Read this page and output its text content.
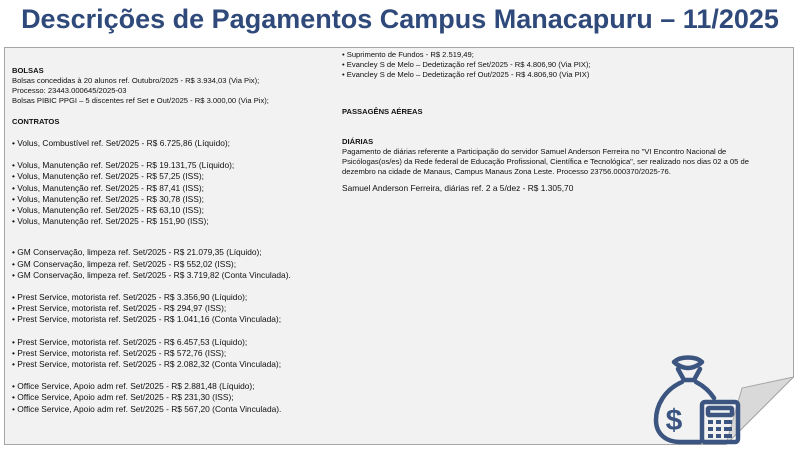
Descrições de Pagamentos Campus Manacapuru – 11/2025
BOLSAS
Bolsas concedidas à 20 alunos ref. Outubro/2025 - R$ 3.934,03 (Via Pix);
Processo: 23443.000645/2025-03
Bolsas PIBIC PPGI – 5 discentes ref Set e Out/2025 - R$ 3.000,00 (Via Pix);
CONTRATOS
• Volus, Combustível ref. Set/2025 - R$ 6.725,86 (Líquido);
• Volus, Manutenção ref. Set/2025 - R$ 19.131,75 (Líquido);
• Volus, Manutenção ref. Set/2025 - R$ 57,25 (ISS);
• Volus, Manutenção ref. Set/2025 - R$ 87,41 (ISS);
• Volus, Manutenção ref. Set/2025 - R$ 30,78 (ISS);
• Volus, Manutenção ref. Set/2025 - R$ 63,10 (ISS);
• Volus, Manutenção ref. Set/2025 - R$ 151,90 (ISS);
• GM Conservação, limpeza ref. Set/2025 - R$ 21.079,35 (Líquido);
• GM Conservação, limpeza ref. Set/2025 - R$ 552,02 (ISS);
• GM Conservação, limpeza ref. Set/2025 - R$ 3.719,82 (Conta Vinculada).
• Prest Service, motorista ref. Set/2025 - R$ 3.356,90 (Líquido);
• Prest Service, motorista ref. Set/2025 - R$ 294,97 (ISS);
• Prest Service, motorista ref. Set/2025 - R$ 1.041,16 (Conta Vinculada);
• Prest Service, motorista ref. Set/2025 - R$ 6.457,53 (Líquido);
• Prest Service, motorista ref. Set/2025 - R$ 572,76 (ISS);
• Prest Service, motorista ref. Set/2025 - R$ 2.082,32 (Conta Vinculada);
• Office Service, Apoio adm ref. Set/2025 - R$ 2.881,48 (Líquido);
• Office Service, Apoio adm ref. Set/2025 - R$ 231,30 (ISS);
• Office Service, Apoio adm ref. Set/2025 - R$ 567,20 (Conta Vinculada).
• Suprimento de Fundos - R$ 2.519,49;
• Evancley S de Melo – Dedetização ref Set/2025 - R$ 4.806,90 (Via PIX);
• Evancley S de Melo – Dedetização ref Out/2025 - R$ 4.806,90 (Via PIX)
PASSAGÊNS AÉREAS
DIÁRIAS
Pagamento de diárias referente a Participação do servidor Samuel Anderson Ferreira no "VI Encontro Nacional de Psicólogas(os/es) da Rede federal de Educação Profissional, Científica e Tecnológica", ser realizado nos dias 02 a 05 de dezembro na cidade de Manaus, Campus Manaus Zona Leste. Processo 23756.000370/2025-76.
Samuel Anderson Ferreira, diárias ref. 2 a 5/dez - R$ 1.305,70
$
